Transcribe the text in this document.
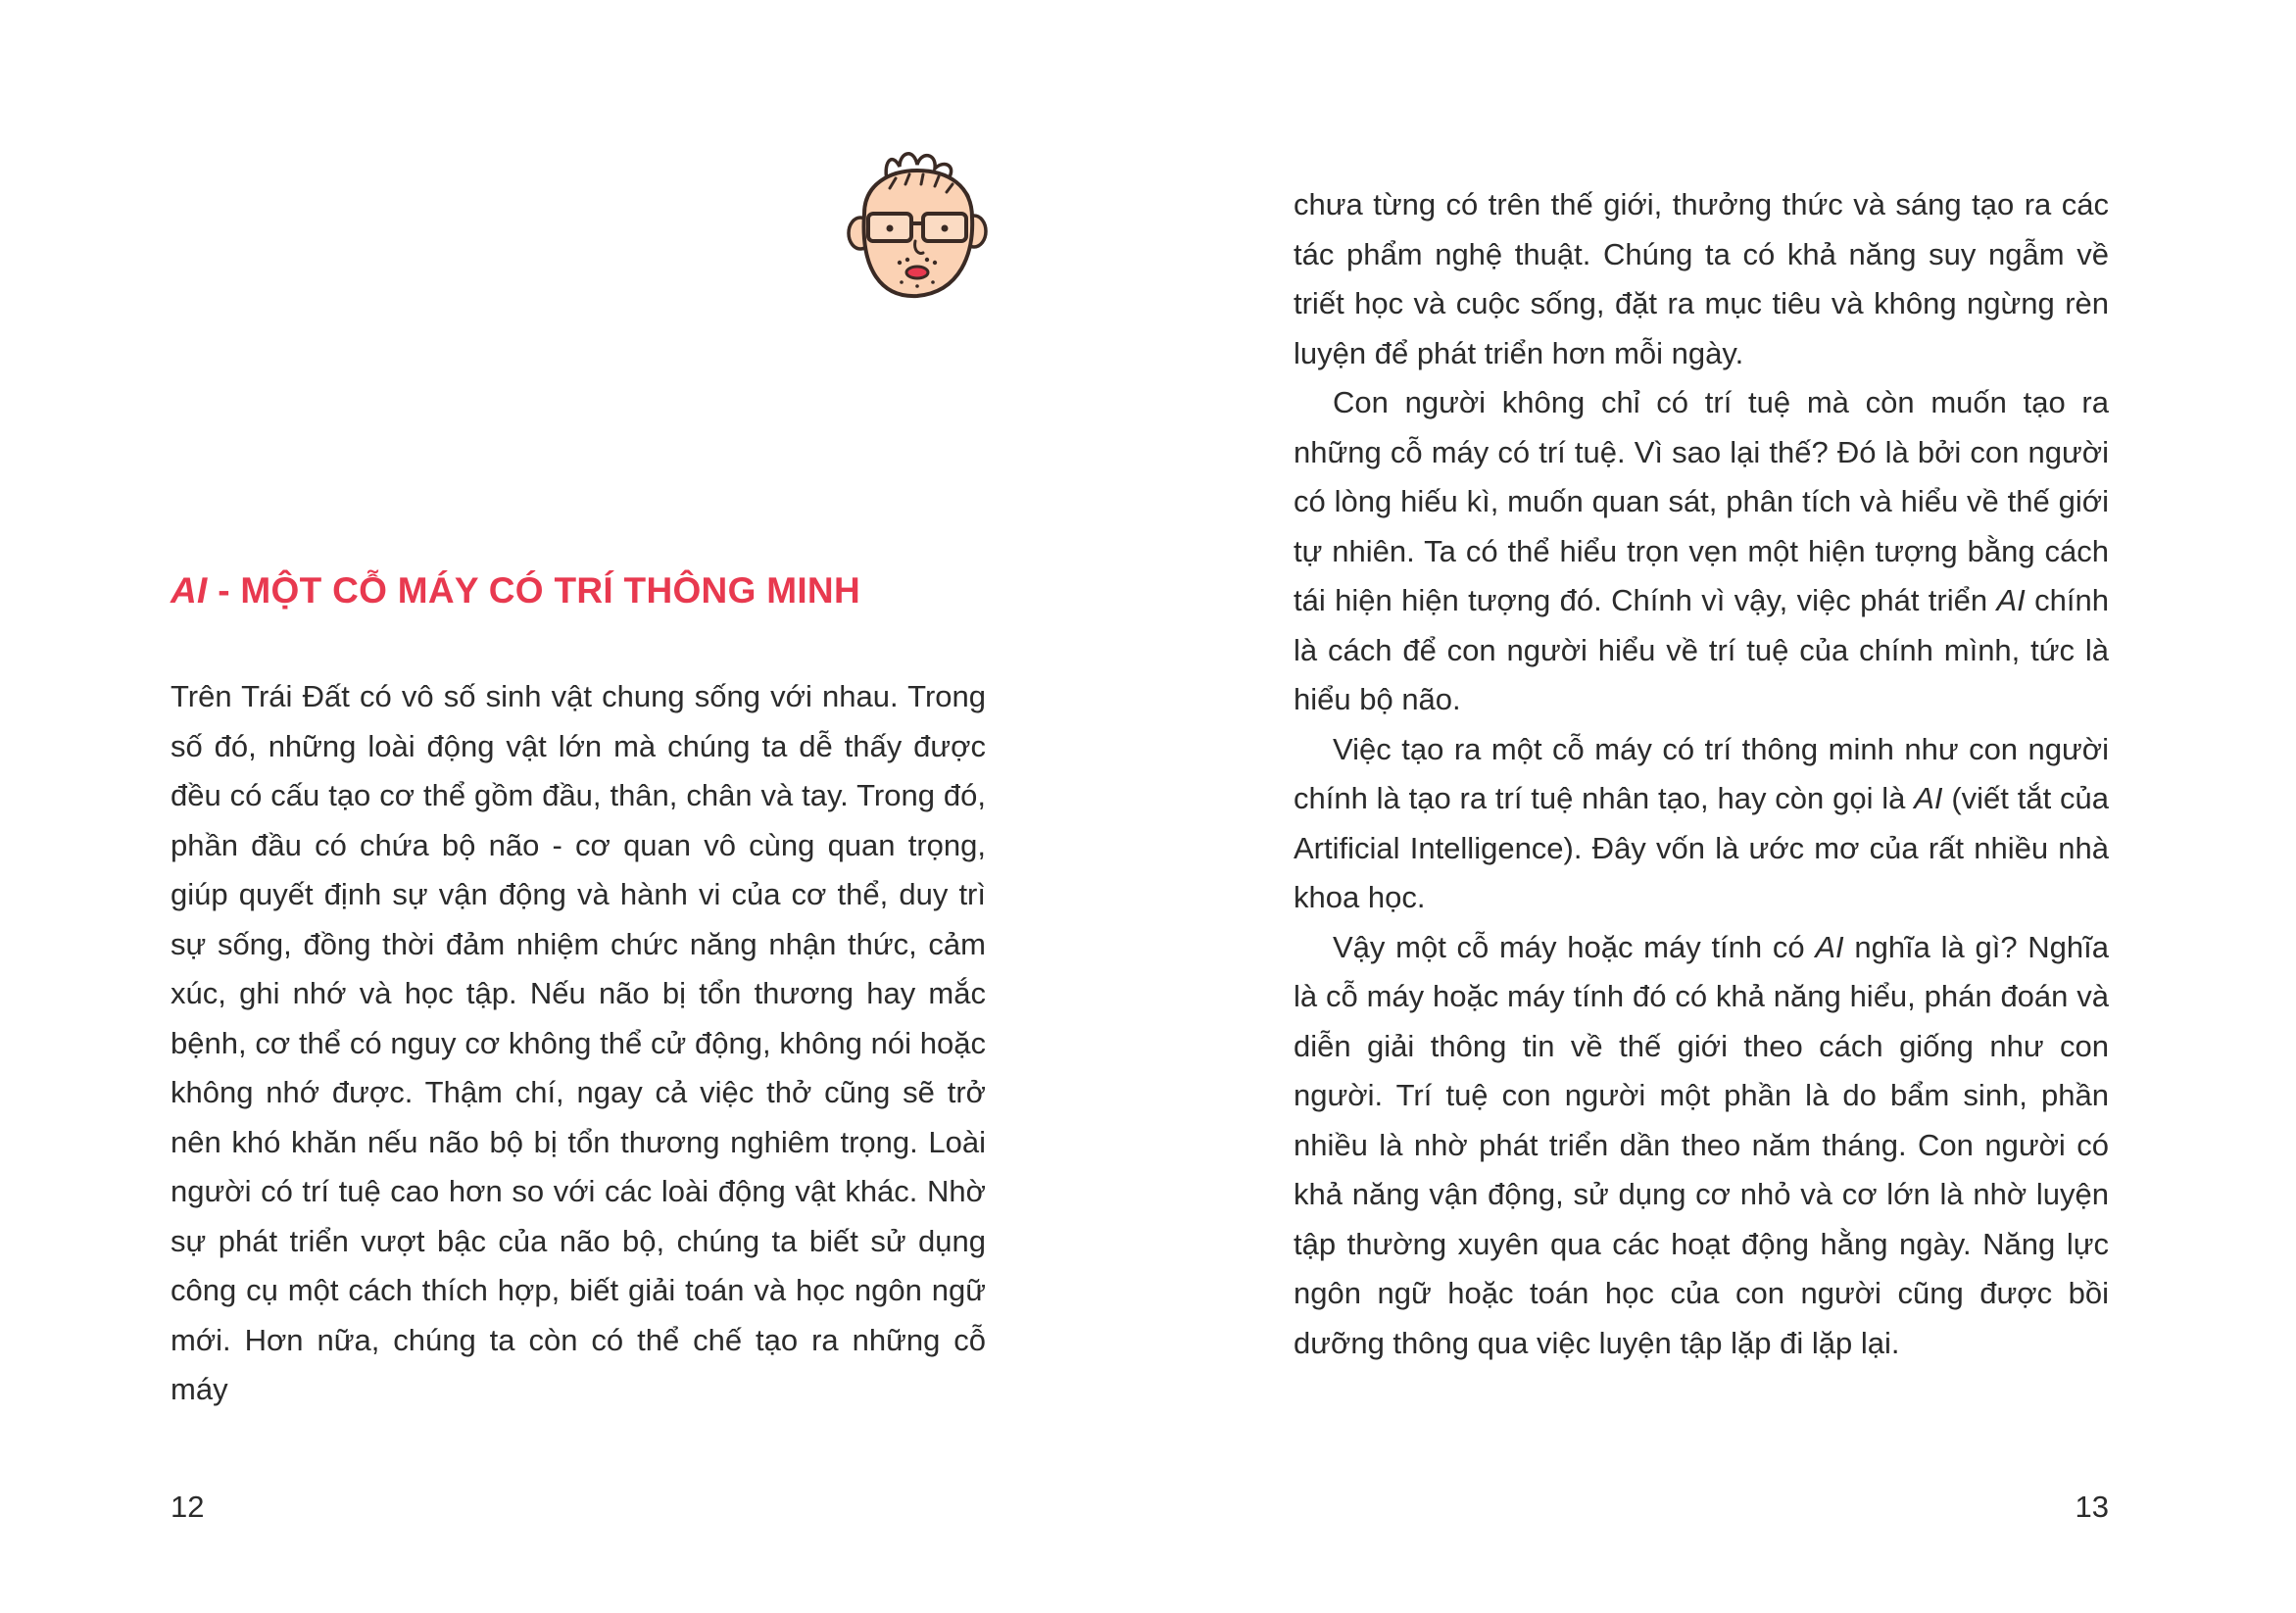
AI - MỘT CỖ MÁY CÓ TRÍ THÔNG MINH

Trên Trái Đất có vô số sinh vật chung sống với nhau. Trong số đó, những loài động vật lớn mà chúng ta dễ thấy được đều có cấu tạo cơ thể gồm đầu, thân, chân và tay. Trong đó, phần đầu có chứa bộ não - cơ quan vô cùng quan trọng, giúp quyết định sự vận động và hành vi của cơ thể, duy trì sự sống, đồng thời đảm nhiệm chức năng nhận thức, cảm xúc, ghi nhớ và học tập. Nếu não bị tổn thương hay mắc bệnh, cơ thể có nguy cơ không thể cử động, không nói hoặc không nhớ được. Thậm chí, ngay cả việc thở cũng sẽ trở nên khó khăn nếu não bộ bị tổn thương nghiêm trọng. Loài người có trí tuệ cao hơn so với các loài động vật khác. Nhờ sự phát triển vượt bậc của não bộ, chúng ta biết sử dụng công cụ một cách thích hợp, biết giải toán và học ngôn ngữ mới. Hơn nữa, chúng ta còn có thể chế tạo ra những cỗ máy

12

chưa từng có trên thế giới, thưởng thức và sáng tạo ra các tác phẩm nghệ thuật. Chúng ta có khả năng suy ngẫm về triết học và cuộc sống, đặt ra mục tiêu và không ngừng rèn luyện để phát triển hơn mỗi ngày.

Con người không chỉ có trí tuệ mà còn muốn tạo ra những cỗ máy có trí tuệ. Vì sao lại thế? Đó là bởi con người có lòng hiếu kì, muốn quan sát, phân tích và hiểu về thế giới tự nhiên. Ta có thể hiểu trọn vẹn một hiện tượng bằng cách tái hiện hiện tượng đó. Chính vì vậy, việc phát triển AI chính là cách để con người hiểu về trí tuệ của chính mình, tức là hiểu bộ não.

Việc tạo ra một cỗ máy có trí thông minh như con người chính là tạo ra trí tuệ nhân tạo, hay còn gọi là AI (viết tắt của Artificial Intelligence). Đây vốn là ước mơ của rất nhiều nhà khoa học.

Vậy một cỗ máy hoặc máy tính có AI nghĩa là gì? Nghĩa là cỗ máy hoặc máy tính đó có khả năng hiểu, phán đoán và diễn giải thông tin về thế giới theo cách giống như con người. Trí tuệ con người một phần là do bẩm sinh, phần nhiều là nhờ phát triển dần theo năm tháng. Con người có khả năng vận động, sử dụng cơ nhỏ và cơ lớn là nhờ luyện tập thường xuyên qua các hoạt động hằng ngày. Năng lực ngôn ngữ hoặc toán học của con người cũng được bồi dưỡng thông qua việc luyện tập lặp đi lặp lại.

13
